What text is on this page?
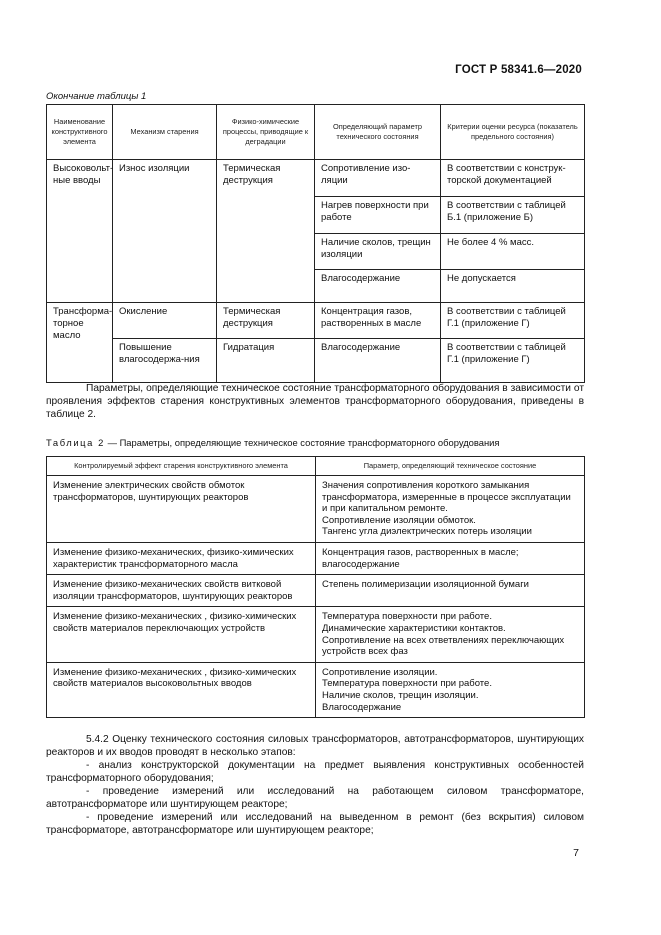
ГОСТ Р 58341.6—2020
Окончание таблицы 1
Наименование конструктивного элемента	Механизм старения	Физико-химические процессы, приводящие к деградации	Определяющий параметр технического состояния	Критерии оценки ресурса (показатель предельного состояния)
Высоковольт-ные вводы	Износ изоляции	Термическая деструкция	Сопротивление изо-ляции	В соответствии с конструк-торской документацией
			Нагрев поверхности при работе	В соответствии с таблицей Б.1 (приложение Б)
			Наличие сколов, трещин изоляции	Не более 4 % масс.
			Влагосодержание	Не допускается
Трансформа-торное масло	Окисление	Термическая деструкция	Концентрация газов, растворенных в масле	В соответствии с таблицей Г.1 (приложение Г)
	Повышение влагосодержа-ния	Гидратация	Влагосодержание	В соответствии с таблицей Г.1 (приложение Г)
Параметры, определяющие техническое состояние трансформаторного оборудования в зависимости от проявления эффектов старения конструктивных элементов трансформаторного оборудования, приведены в таблице 2.
Таблица 2 — Параметры, определяющие техническое состояние трансформаторного оборудования
Контролируемый эффект старения конструктивного элемента	Параметр, определяющий техническое состояние
Изменение электрических свойств обмоток трансформаторов, шунтирующих реакторов	Значения сопротивления короткого замыкания трансформатора, измеренные в процессе эксплуатации и при капитальном ремонте.
Сопротивление изоляции обмоток.
Тангенс угла диэлектрических потерь изоляции
Изменение физико-механических, физико-химических характеристик трансформаторного масла	Концентрация газов, растворенных в масле;
влагосодержание
Изменение физико-механических свойств витковой изоляции трансформаторов, шунтирующих реакторов	Степень полимеризации изоляционной бумаги
Изменение физико-механических , физико-химических свойств материалов переключающих устройств	Температура поверхности при работе.
Динамические характеристики контактов.
Сопротивление на всех ответвлениях переключающих устройств всех фаз
Изменение физико-механических , физико-химических свойств материалов высоковольтных вводов	Сопротивление изоляции.
Температура поверхности при работе.
Наличие сколов, трещин изоляции.
Влагосодержание
5.4.2 Оценку технического состояния силовых трансформаторов, автотрансформаторов, шунтирующих реакторов и их вводов проводят в несколько этапов:
- анализ конструкторской документации на предмет выявления конструктивных особенностей трансформаторного оборудования;
- проведение измерений или исследований на работающем силовом трансформаторе, автотрансформаторе или шунтирующем реакторе;
- проведение измерений или исследований на выведенном в ремонт (без вскрытия) силовом трансформаторе, автотрансформаторе или шунтирующем реакторе;
7
